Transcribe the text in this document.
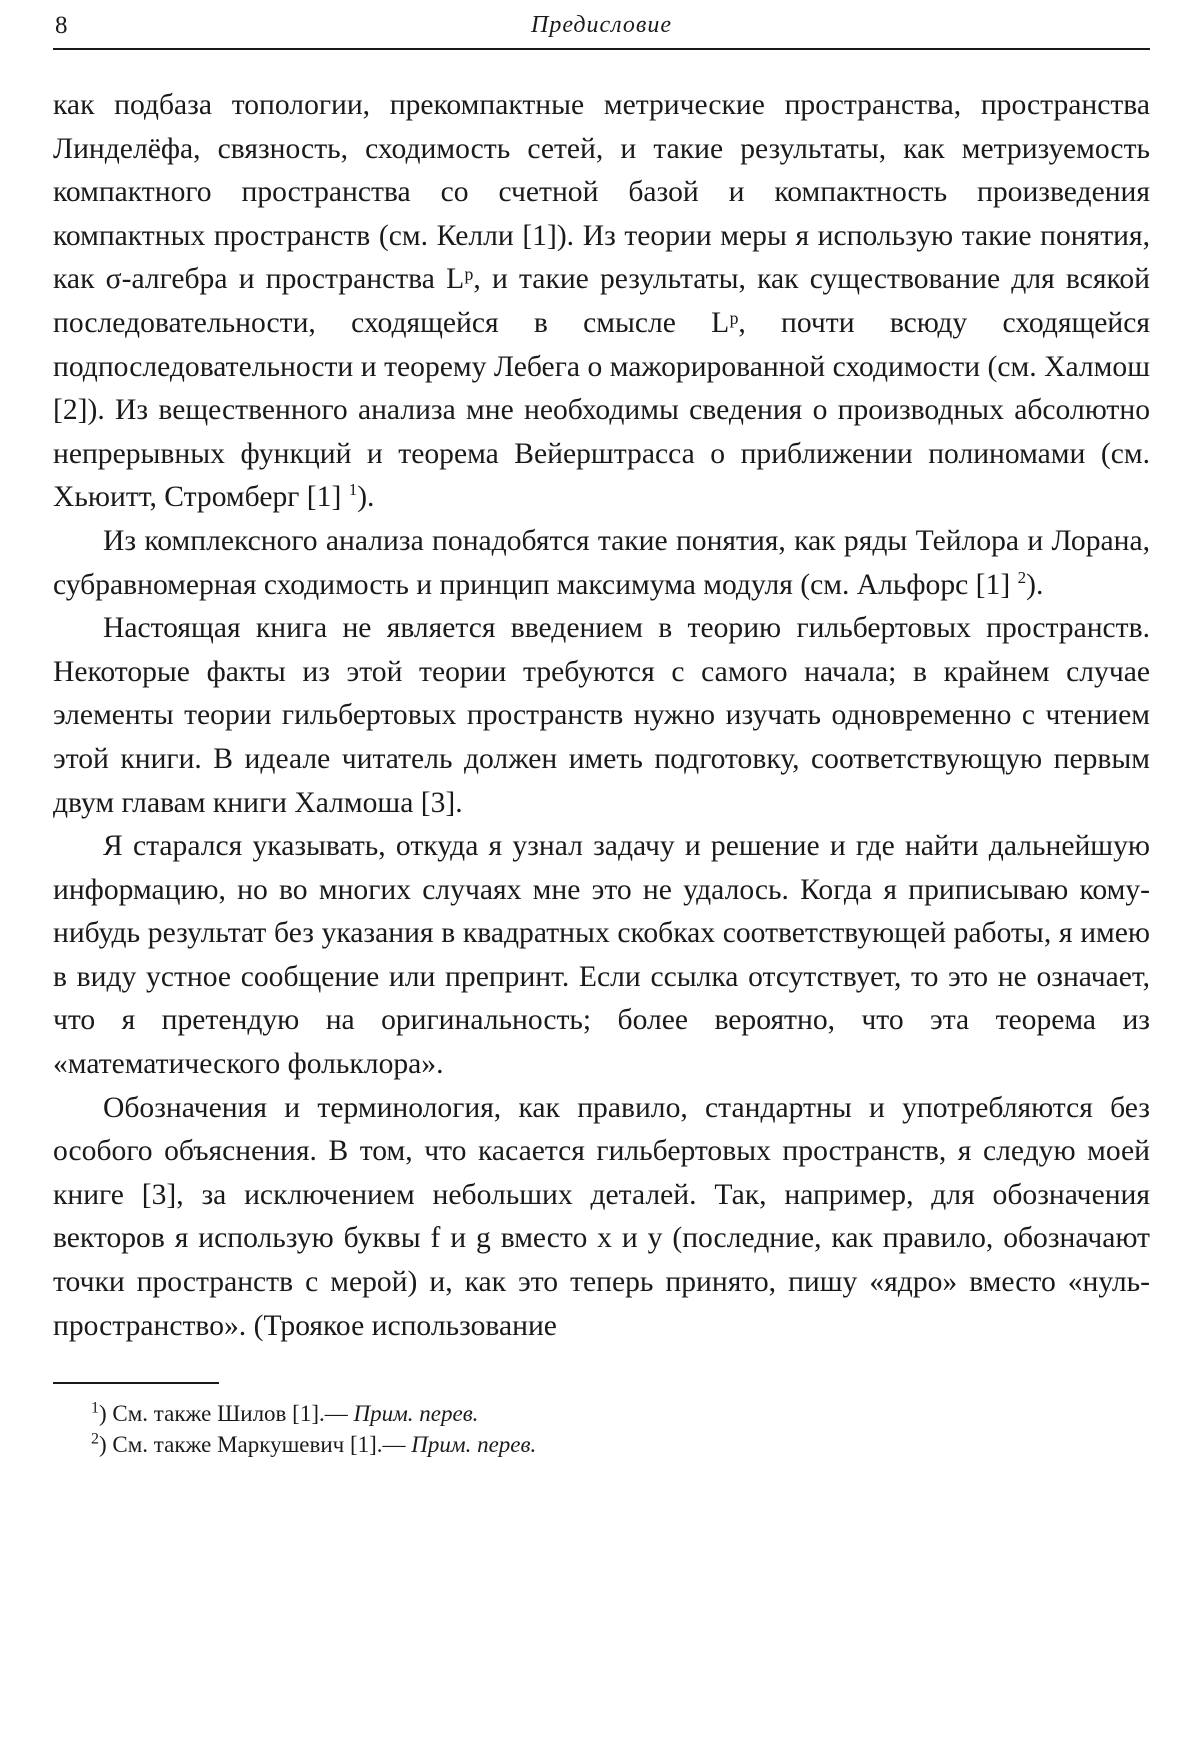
8	Предисловие

как подбаза топологии, прекомпактные метрические пространства, пространства Линделёфа, связность, сходимость сетей, и такие результаты, как метризуемость компактного пространства со счетной базой и компактность произведения компактных пространств (см. Келли [1]). Из теории меры я использую такие понятия, как σ-алгебра и пространства Lᵖ, и такие результаты, как существование для всякой последовательности, сходящейся в смысле Lᵖ, почти всюду сходящейся подпоследовательности и теорему Лебега о мажорированной сходимости (см. Халмош [2]). Из вещественного анализа мне необходимы сведения о производных абсолютно непрерывных функций и теорема Вейерштрасса о приближении полиномами (см. Хьюитт, Стромберг [1] $^1$).

Из комплексного анализа понадобятся такие понятия, как ряды Тейлора и Лорана, субравномерная сходимость и принцип максимума модуля (см. Альфорс [1] $^2$).

Настоящая книга не является введением в теорию гильбертовых пространств. Некоторые факты из этой теории требуются с самого начала; в крайнем случае элементы теории гильбертовых пространств нужно изучать одновременно с чтением этой книги. В идеале читатель должен иметь подготовку, соответствующую первым двум главам книги Халмоша [3].

Я старался указывать, откуда я узнал задачу и решение и где найти дальнейшую информацию, но во многих случаях мне это не удалось. Когда я приписываю кому-нибудь результат без указания в квадратных скобках соответствующей работы, я имею в виду устное сообщение или препринт. Если ссылка отсутствует, то это не означает, что я претендую на оригинальность; более вероятно, что эта теорема из «математического фольклора».

Обозначения и терминология, как правило, стандартны и употребляются без особого объяснения. В том, что касается гильбертовых пространств, я следую моей книге [3], за исключением небольших деталей. Так, например, для обозначения векторов я использую буквы f и g вместо x и y (последние, как правило, обозначают точки пространств с мерой) и, как это теперь принято, пишу «ядро» вместо «нуль-пространство». (Троякое использование

$^1$) См. также Шилов [1].— Прим. перев.
$^2$) См. также Маркушевич [1].— Прим. перев.
